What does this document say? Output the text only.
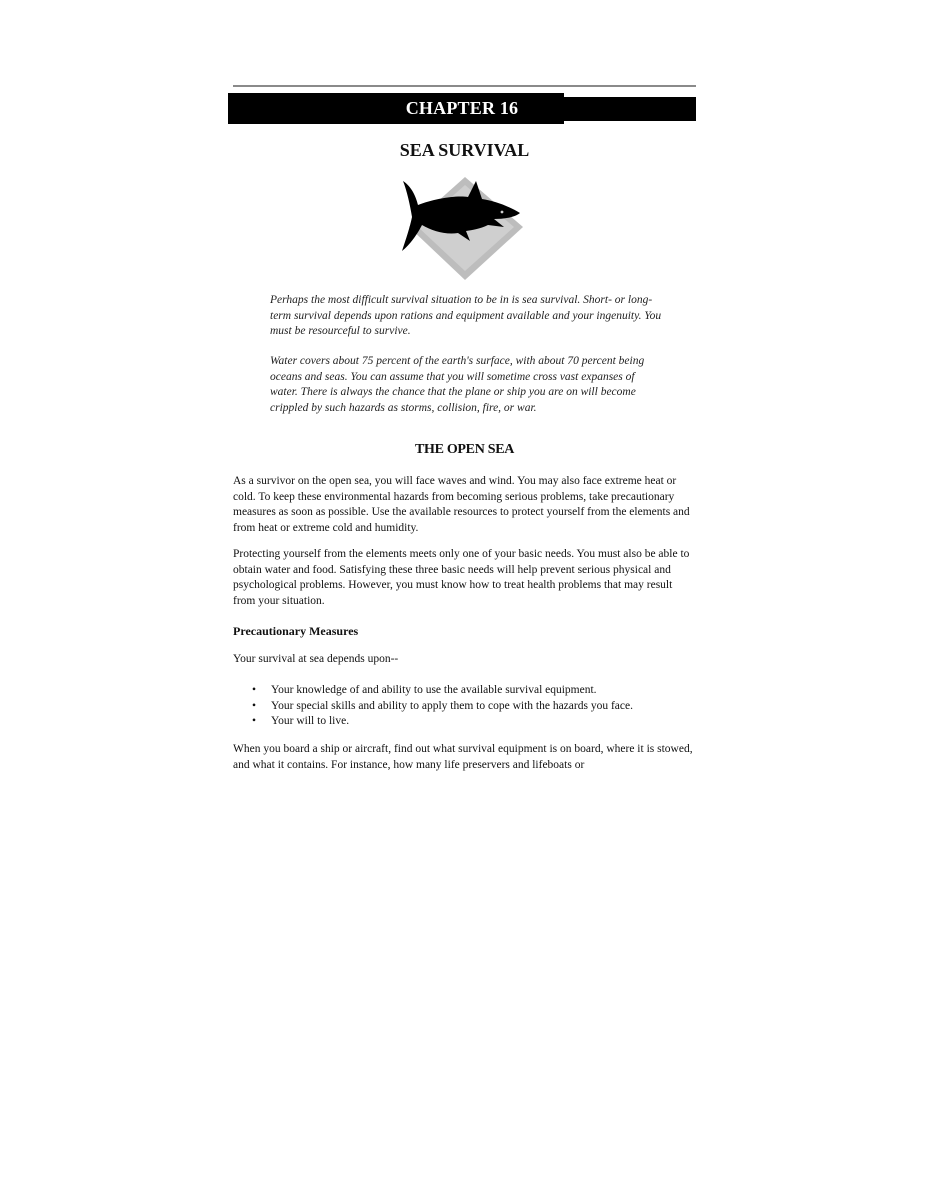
CHAPTER 16
SEA SURVIVAL
Perhaps the most difficult survival situation to be in is sea survival. Short- or long-term survival depends upon rations and equipment available and your ingenuity. You must be resourceful to survive.
Water covers about 75 percent of the earth's surface, with about 70 percent being oceans and seas. You can assume that you will sometime cross vast expanses of water. There is always the chance that the plane or ship you are on will become crippled by such hazards as storms, collision, fire, or war.
THE OPEN SEA
As a survivor on the open sea, you will face waves and wind. You may also face extreme heat or cold. To keep these environmental hazards from becoming serious problems, take precautionary measures as soon as possible. Use the available resources to protect yourself from the elements and from heat or extreme cold and humidity.
Protecting yourself from the elements meets only one of your basic needs. You must also be able to obtain water and food. Satisfying these three basic needs will help prevent serious physical and psychological problems. However, you must know how to treat health problems that may result from your situation.
Precautionary Measures
Your survival at sea depends upon--
• Your knowledge of and ability to use the available survival equipment.
• Your special skills and ability to apply them to cope with the hazards you face.
• Your will to live.
When you board a ship or aircraft, find out what survival equipment is on board, where it is stowed, and what it contains. For instance, how many life preservers and lifeboats or
